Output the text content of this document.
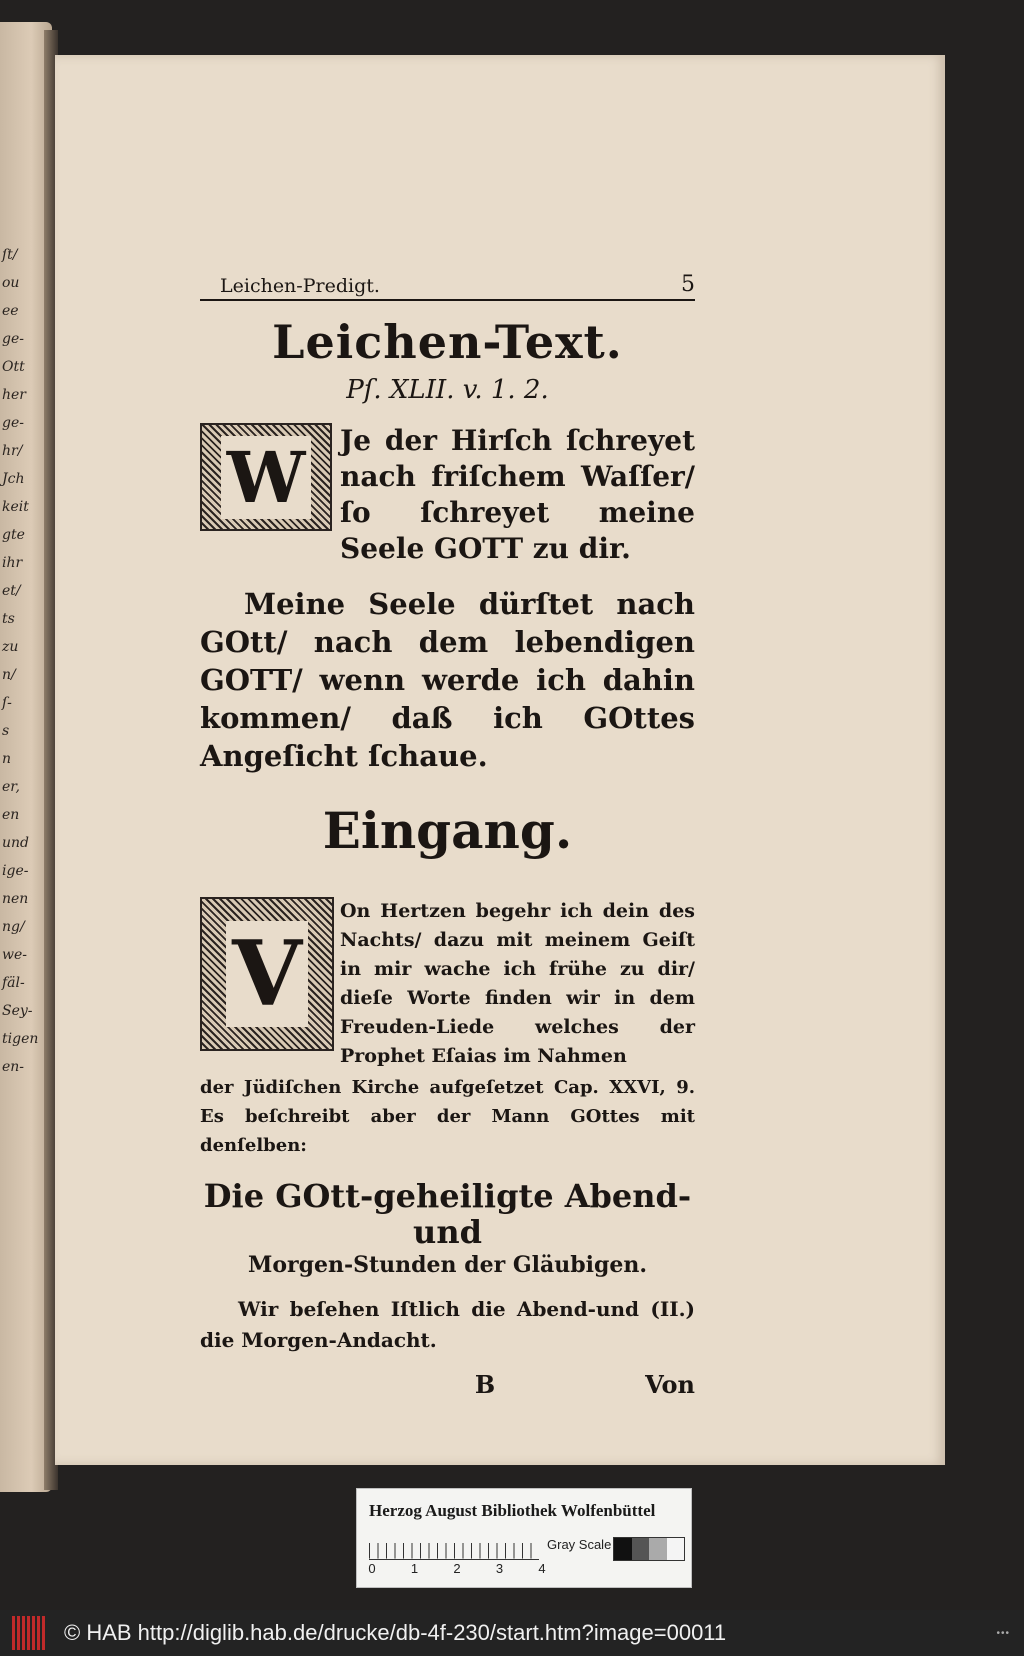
ſt/
ou
ee
ge-
Ott
her
ge-
hr/
Jch
keit
gte
ihr
et/
ts
zu
n/
ſ-
s
n
er,
en
und
ige-
nen
ng/
we-
fäl-
Sey-
tigen
en-
Leichen-Predigt.	5
Leichen-Text.
Pſ. XLII. v. 1. 2.
W Je der Hirſch ſchreyet nach friſchem Waſſer/ ſo ſchreyet meine Seele GOTT zu dir.
Meine Seele dürſtet nach GOtt/ nach dem lebendigen GOTT/ wenn werde ich dahin kommen/ daß ich GOttes Angeſicht ſchaue.
Eingang.
V
On Hertzen begehr ich dein des Nachts/ dazu mit meinem Geiſt in mir wache ich frühe zu dir/ dieſe Worte finden wir in dem Freuden-Liede welches der Prophet Eſaias im Nahmen
der Jüdiſchen Kirche aufgeſetzet Cap. XXVI, 9. Es beſchreibt aber der Mann GOttes mit denſelben:
Die GOtt-geheiligte Abend-und
Morgen-Stunden der Gläubigen.
Wir beſehen Iſtlich die Abend-und (II.) die Morgen-Andacht.
B	Von
Herzog August Bibliothek Wolfenbüttel
0	1	2	3	4
Gray Scale
© HAB http://diglib.hab.de/drucke/db-4f-230/start.htm?image=00011	•••
